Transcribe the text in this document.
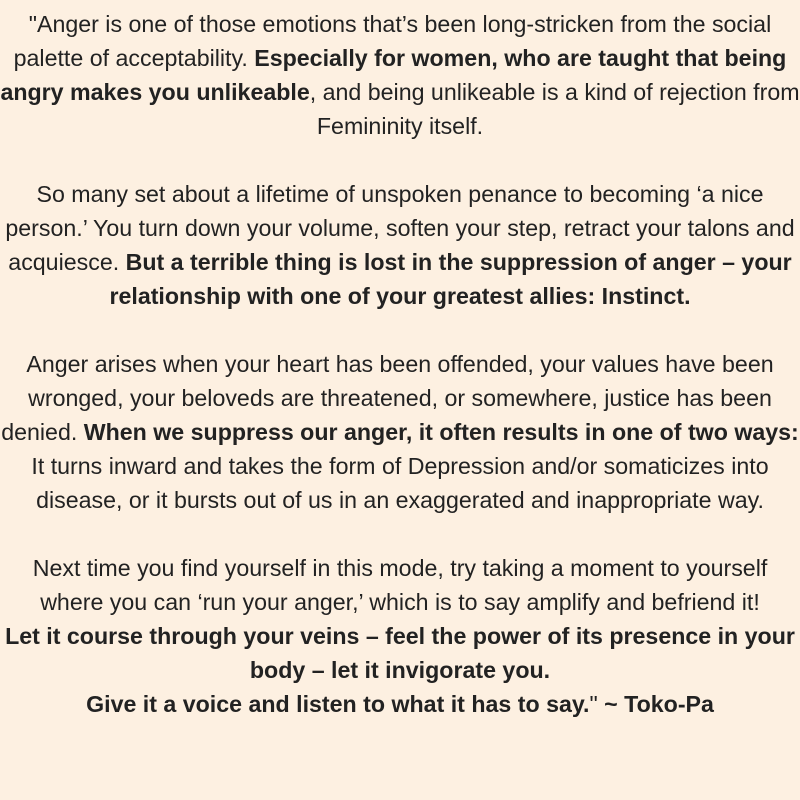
"Anger is one of those emotions that’s been long-stricken from the social palette of acceptability. Especially for women, who are taught that being angry makes you unlikeable, and being unlikeable is a kind of rejection from Femininity itself.

So many set about a lifetime of unspoken penance to becoming ‘a nice person.’ You turn down your volume, soften your step, retract your talons and acquiesce. But a terrible thing is lost in the suppression of anger – your relationship with one of your greatest allies: Instinct.

Anger arises when your heart has been offended, your values have been wronged, your beloveds are threatened, or somewhere, justice has been denied. When we suppress our anger, it often results in one of two ways: It turns inward and takes the form of Depression and/or somaticizes into disease, or it bursts out of us in an exaggerated and inappropriate way.

Next time you find yourself in this mode, try taking a moment to yourself where you can ‘run your anger,’ which is to say amplify and befriend it!
Let it course through your veins – feel the power of its presence in your body – let it invigorate you.
Give it a voice and listen to what it has to say." ~ Toko-Pa
